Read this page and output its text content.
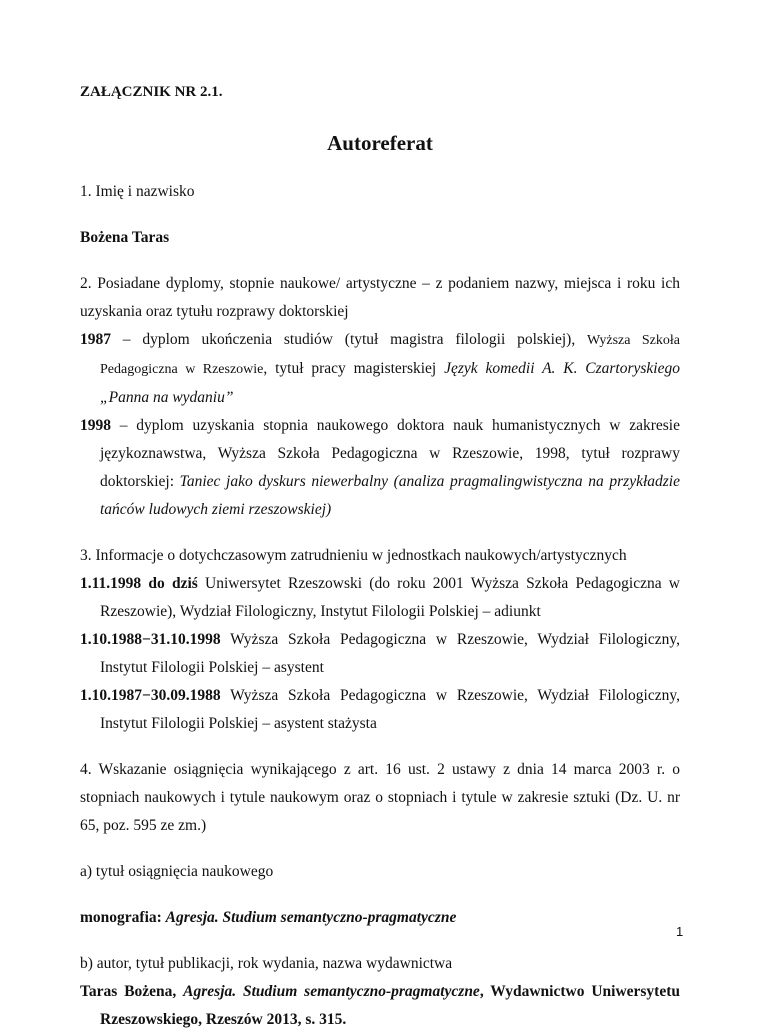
ZAŁĄCZNIK NR 2.1.

Autoreferat

1. Imię i nazwisko

Bożena Taras

2. Posiadane dyplomy, stopnie naukowe/ artystyczne – z podaniem nazwy, miejsca i roku ich uzyskania oraz tytułu rozprawy doktorskiej

1987 – dyplom ukończenia studiów (tytuł magistra filologii polskiej), Wyższa Szkoła Pedagogiczna w Rzeszowie, tytuł pracy magisterskiej Język komedii A. K. Czartoryskiego „Panna na wydaniu”

1998 – dyplom uzyskania stopnia naukowego doktora nauk humanistycznych w zakresie językoznawstwa, Wyższa Szkoła Pedagogiczna w Rzeszowie, 1998, tytuł rozprawy doktorskiej: Taniec jako dyskurs niewerbalny (analiza pragmalingwistyczna na przykładzie tańców ludowych ziemi rzeszowskiej)

3. Informacje o dotychczasowym zatrudnieniu w jednostkach naukowych/artystycznych

1.11.1998 do dziś Uniwersytet Rzeszowski (do roku 2001 Wyższa Szkoła Pedagogiczna w Rzeszowie), Wydział Filologiczny, Instytut Filologii Polskiej – adiunkt

1.10.1988−31.10.1998 Wyższa Szkoła Pedagogiczna w Rzeszowie, Wydział Filologiczny, Instytut Filologii Polskiej – asystent

1.10.1987−30.09.1988 Wyższa Szkoła Pedagogiczna w Rzeszowie, Wydział Filologiczny, Instytut Filologii Polskiej – asystent stażysta

4. Wskazanie osiągnięcia wynikającego z art. 16 ust. 2 ustawy z dnia 14 marca 2003 r. o stopniach naukowych i tytule naukowym oraz o stopniach i tytule w zakresie sztuki (Dz. U. nr 65, poz. 595 ze zm.)

a) tytuł osiągnięcia naukowego

monografia: Agresja. Studium semantyczno-pragmatyczne

b) autor, tytuł publikacji, rok wydania, nazwa wydawnictwa

Taras Bożena, Agresja. Studium semantyczno-pragmatyczne, Wydawnictwo Uniwersytetu Rzeszowskiego, Rzeszów 2013, s. 315.

1
